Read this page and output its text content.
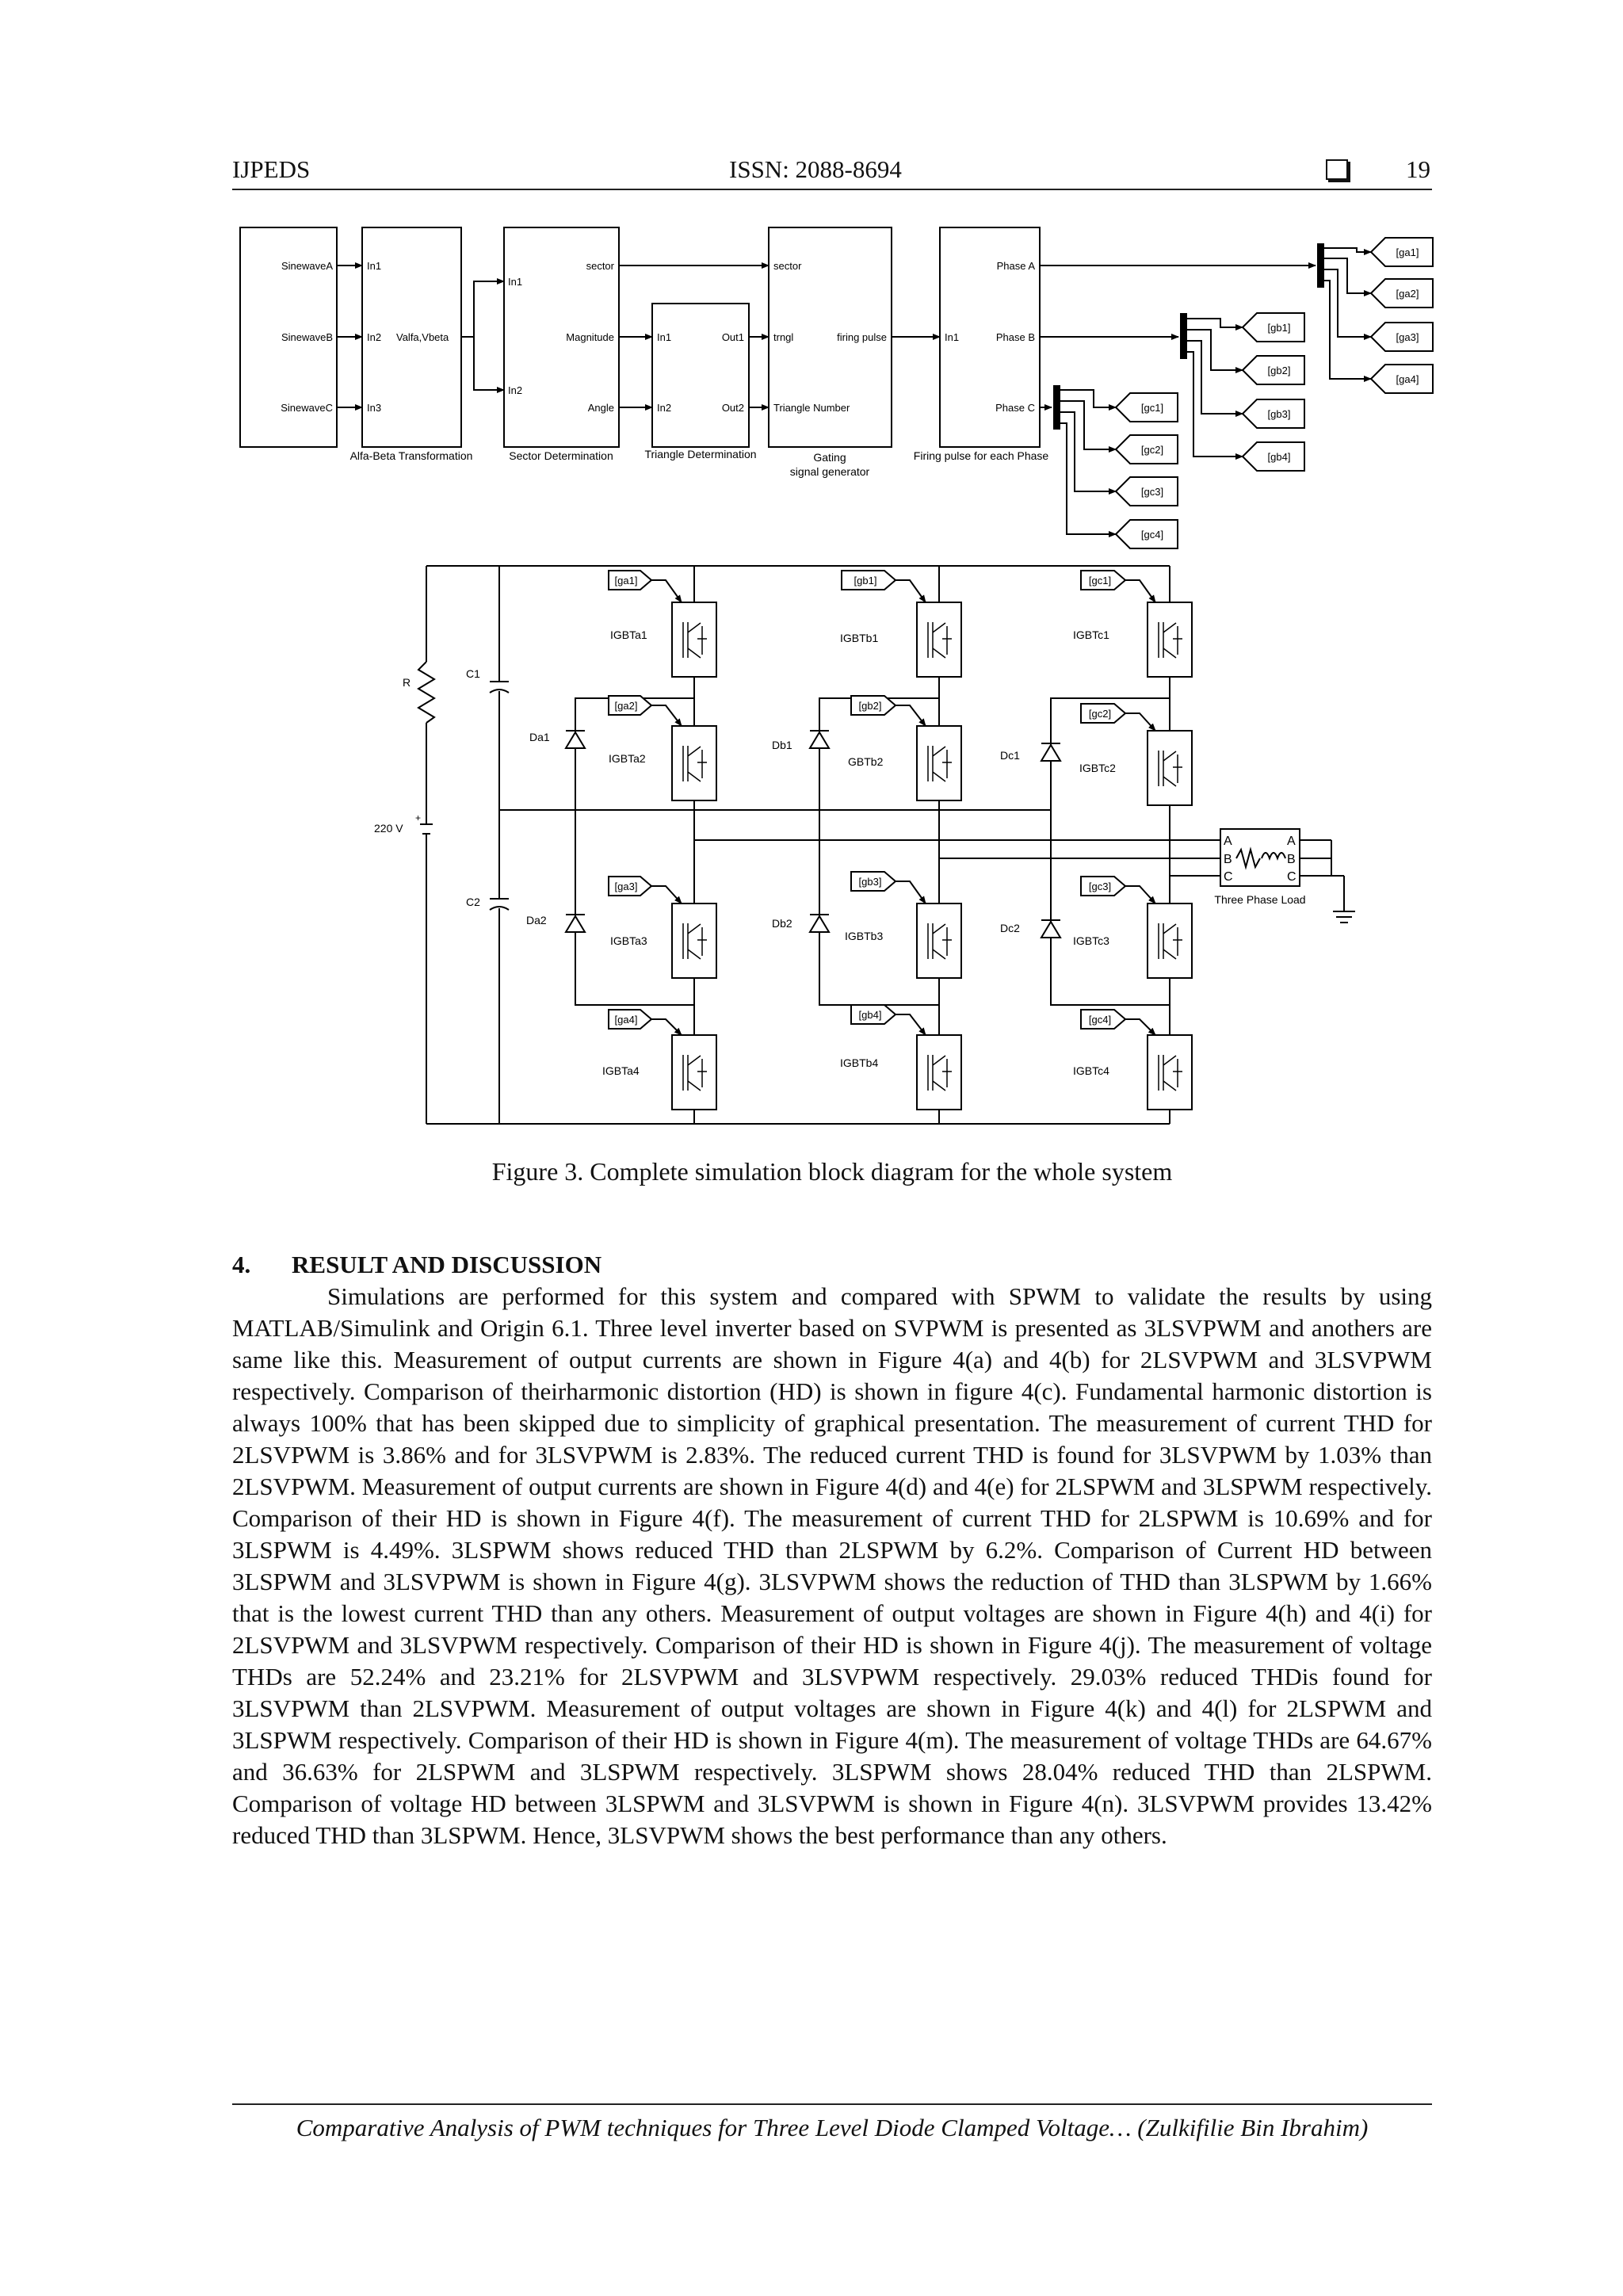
IJPEDS	ISSN: 2088-8694	19
SinewaveA
SinewaveB
SinewaveC
In1
In2
In3
Valfa,Vbeta
Alfa-Beta Transformation
In1
In2
sector
Magnitude
Angle
Sector Determination
In1
In2
Out1
Out2
Triangle Determination
sector
trngl
Triangle Number
firing pulse
Gating
signal generator
In1
Phase A
Phase B
Phase C
Firing pulse for each Phase
[ga1]
[ga2]
[ga3]
[ga4]
[gb1]
[gb2]
[gb3]
[gb4]
[gc1]
[gc2]
[gc3]
[gc4]
R
C1
C2
220 V
+
Da1
Db1
Dc1
Da2	Db2	Dc2
IGBTa1
IGBTa2
IGBTa3
IGBTa4
IGBTb1
GBTb2
IGBTb3
IGBTb4
IGBTc1
IGBTc2
IGBTc3
IGBTc4
[ga1]
[ga2]
[ga3]
[ga4]
[gb1]
[gb2]
[gb3]
[gb4]
[gc1]
[gc2]
[gc3]
[gc4]
A
B
C
A
B
C
Three Phase Load
Figure 3. Complete simulation block diagram for the whole system
4. RESULT AND DISCUSSION
Simulations are performed for this system and compared with SPWM to validate the results by using MATLAB/Simulink and Origin 6.1. Three level inverter based on SVPWM is presented as 3LSVPWM and anothers are same like this. Measurement of output currents are shown in Figure 4(a) and 4(b) for 2LSVPWM and 3LSVPWM respectively. Comparison of theirharmonic distortion (HD) is shown in figure 4(c). Fundamental harmonic distortion is always 100% that has been skipped due to simplicity of graphical presentation. The measurement of current THD for 2LSVPWM is 3.86% and for 3LSVPWM is 2.83%. The reduced current THD is found for 3LSVPWM by 1.03% than 2LSVPWM. Measurement of output currents are shown in Figure 4(d) and 4(e) for 2LSPWM and 3LSPWM respectively. Comparison of their HD is shown in Figure 4(f). The measurement of current THD for 2LSPWM is 10.69% and for 3LSPWM is 4.49%. 3LSPWM shows reduced THD than 2LSPWM by 6.2%. Comparison of Current HD between 3LSPWM and 3LSVPWM is shown in Figure 4(g). 3LSVPWM shows the reduction of THD than 3LSPWM by 1.66% that is the lowest current THD than any others. Measurement of output voltages are shown in Figure 4(h) and 4(i) for 2LSVPWM and 3LSVPWM respectively. Comparison of their HD is shown in Figure 4(j). The measurement of voltage THDs are 52.24% and 23.21% for 2LSVPWM and 3LSVPWM respectively. 29.03% reduced THDis found for 3LSVPWM than 2LSVPWM. Measurement of output voltages are shown in Figure 4(k) and 4(l) for 2LSPWM and 3LSPWM respectively. Comparison of their HD is shown in Figure 4(m). The measurement of voltage THDs are 64.67% and 36.63% for 2LSPWM and 3LSPWM respectively. 3LSPWM shows 28.04% reduced THD than 2LSPWM. Comparison of voltage HD between 3LSPWM and 3LSVPWM is shown in Figure 4(n). 3LSVPWM provides 13.42% reduced THD than 3LSPWM. Hence, 3LSVPWM shows the best performance than any others.
Comparative Analysis of PWM techniques for Three Level Diode Clamped Voltage… (Zulkifilie Bin Ibrahim)
